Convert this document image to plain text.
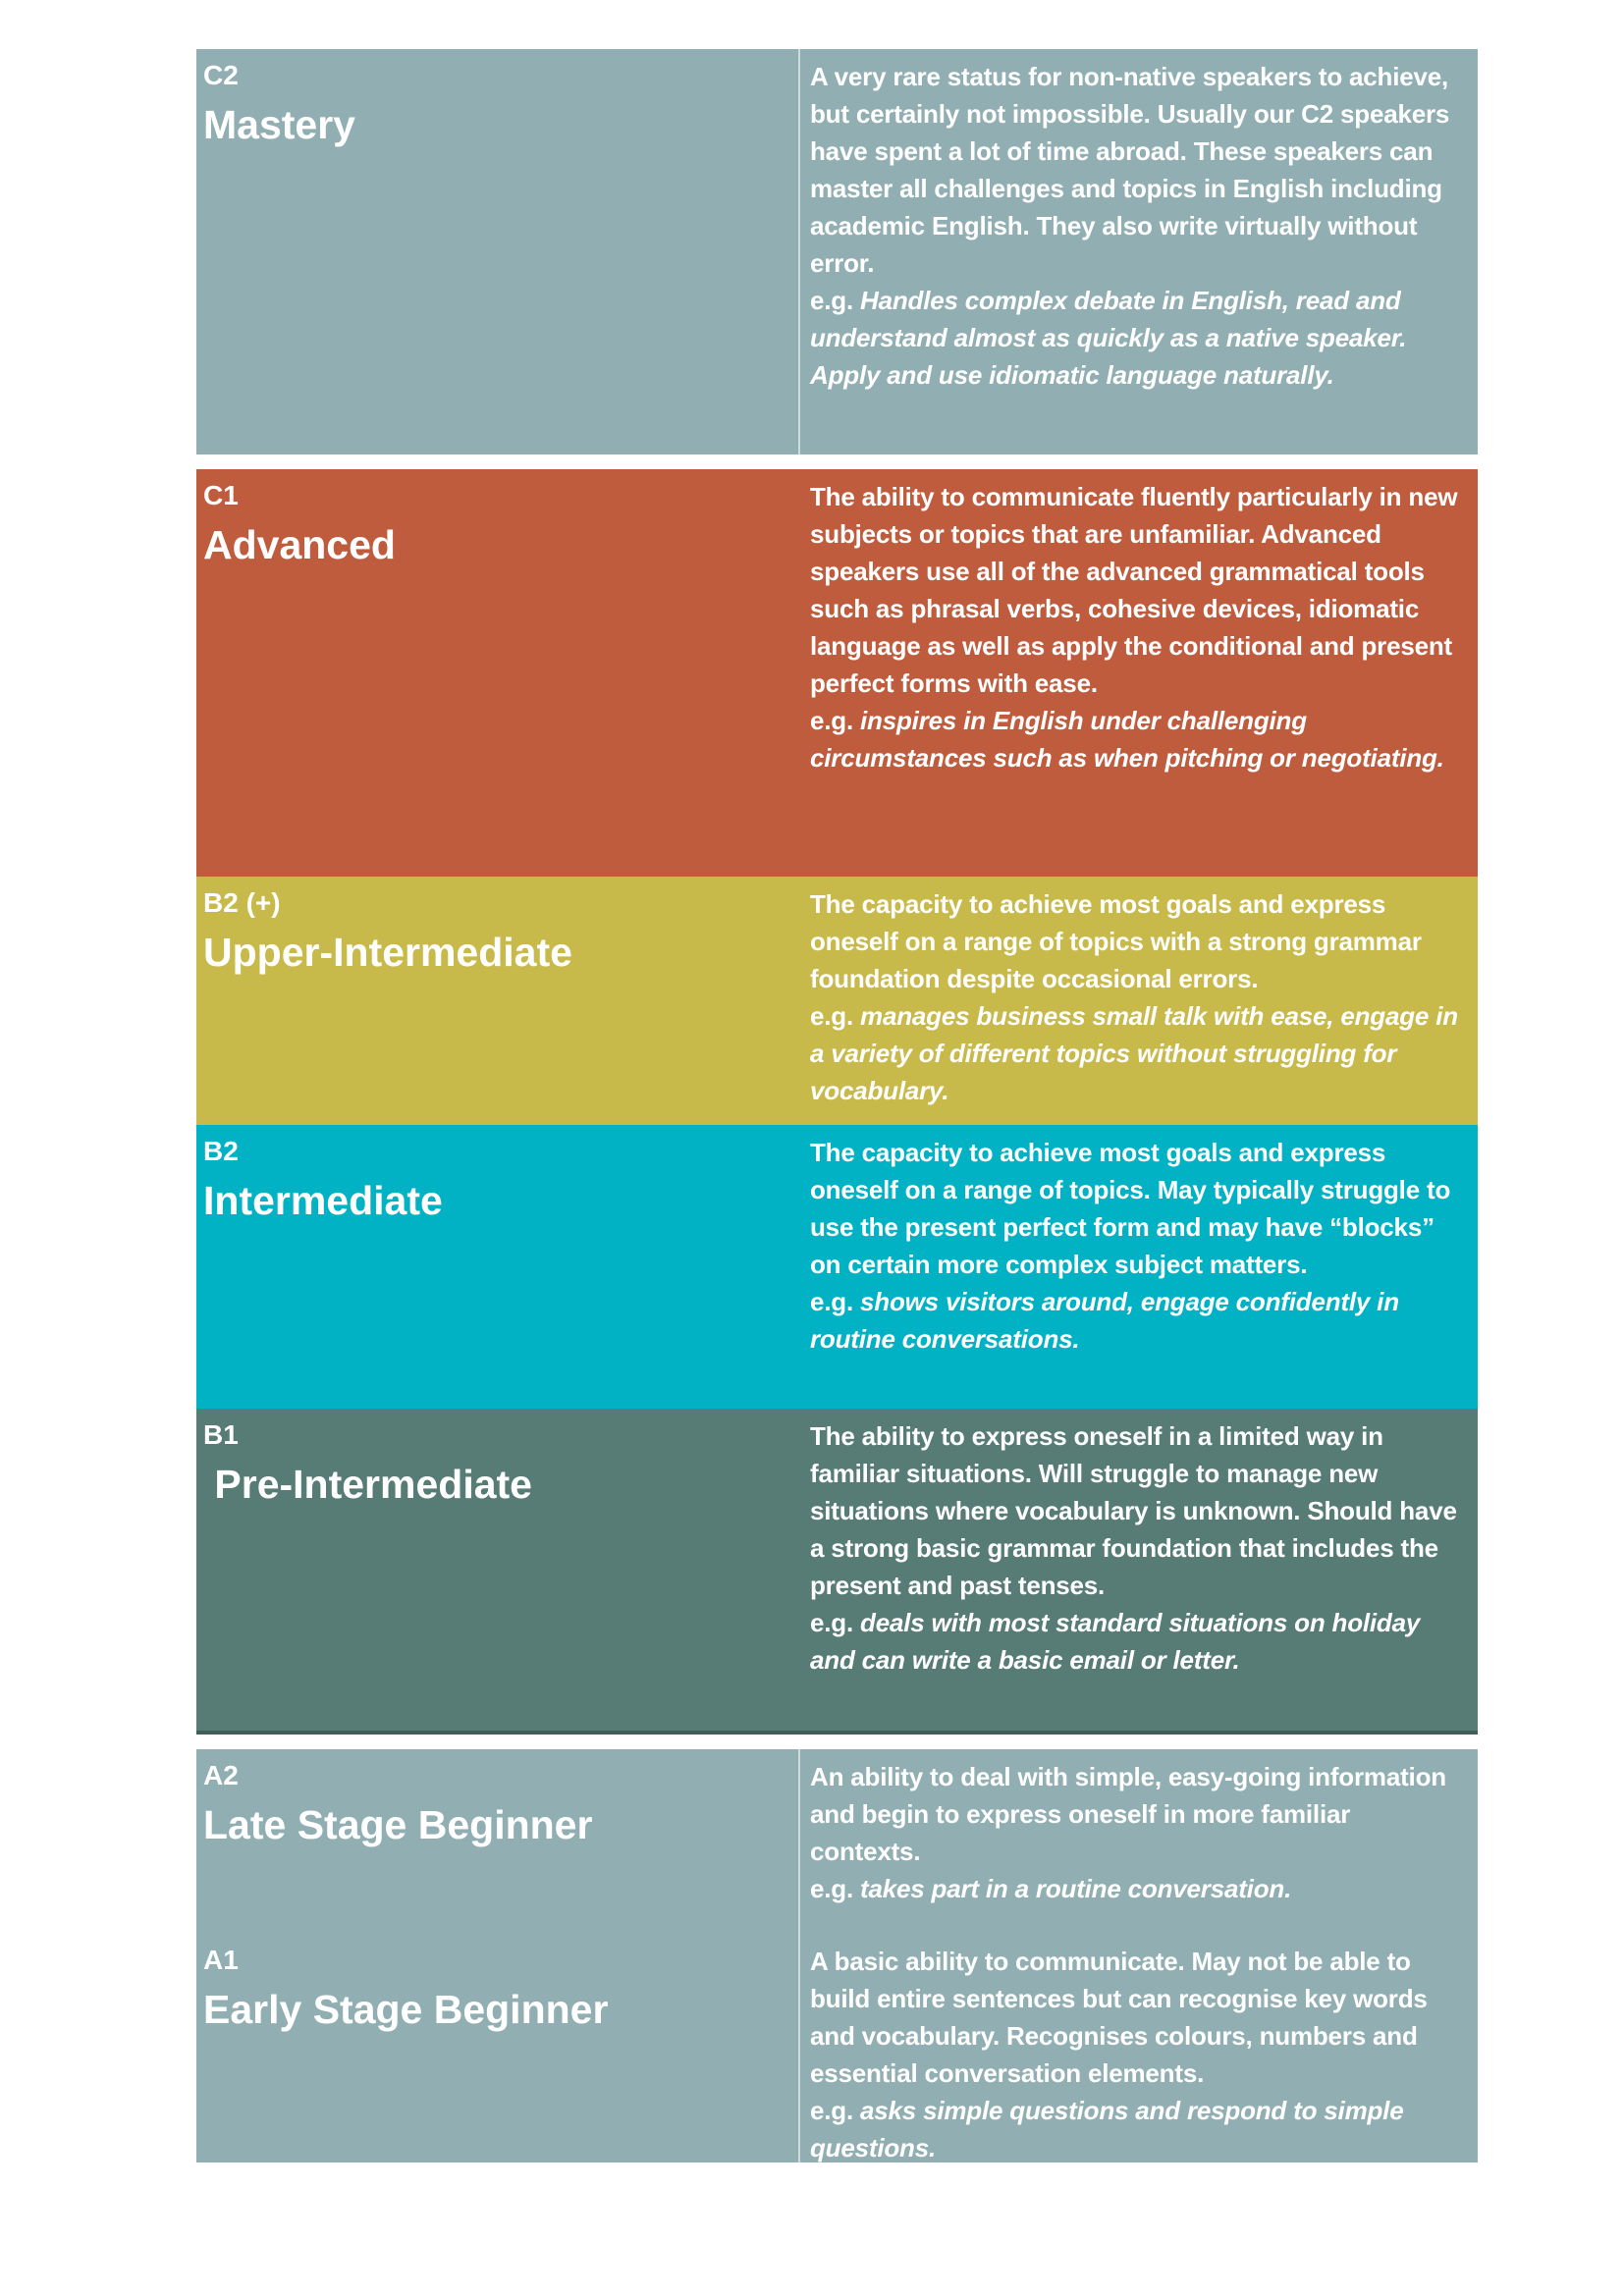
C2
Mastery
A very rare status for non-native speakers to achieve, but certainly not impossible. Usually our C2 speakers have spent a lot of time abroad. These speakers can master all challenges and topics in English including academic English. They also write virtually without error.
e.g. Handles complex debate in English, read and understand almost as quickly as a native speaker. Apply and use idiomatic language naturally.
C1
Advanced
The ability to communicate fluently particularly in new subjects or topics that are unfamiliar. Advanced speakers use all of the advanced grammatical tools such as phrasal verbs, cohesive devices, idiomatic language as well as apply the conditional and present perfect forms with ease.
e.g. inspires in English under challenging circumstances such as when pitching or negotiating.
B2 (+)
Upper-Intermediate
The capacity to achieve most goals and express oneself on a range of topics with a strong grammar foundation despite occasional errors.
e.g. manages business small talk with ease, engage in a variety of different topics without struggling for vocabulary.
B2
Intermediate
The capacity to achieve most goals and express oneself on a range of topics. May typically struggle to use the present perfect form and may have “blocks” on certain more complex subject matters.
e.g. shows visitors around, engage confidently in routine conversations.
B1
Pre-Intermediate
The ability to express oneself in a limited way in familiar situations. Will struggle to manage new situations where vocabulary is unknown. Should have a strong basic grammar foundation that includes the present and past tenses.
e.g. deals with most standard situations on holiday and can write a basic email or letter.
A2
Late Stage Beginner
An ability to deal with simple, easy-going information and begin to express oneself in more familiar contexts.
e.g. takes part in a routine conversation.
A1
Early Stage Beginner
A basic ability to communicate. May not be able to build entire sentences but can recognise key words and vocabulary. Recognises colours, numbers and essential conversation elements.
e.g. asks simple questions and respond to simple questions.
